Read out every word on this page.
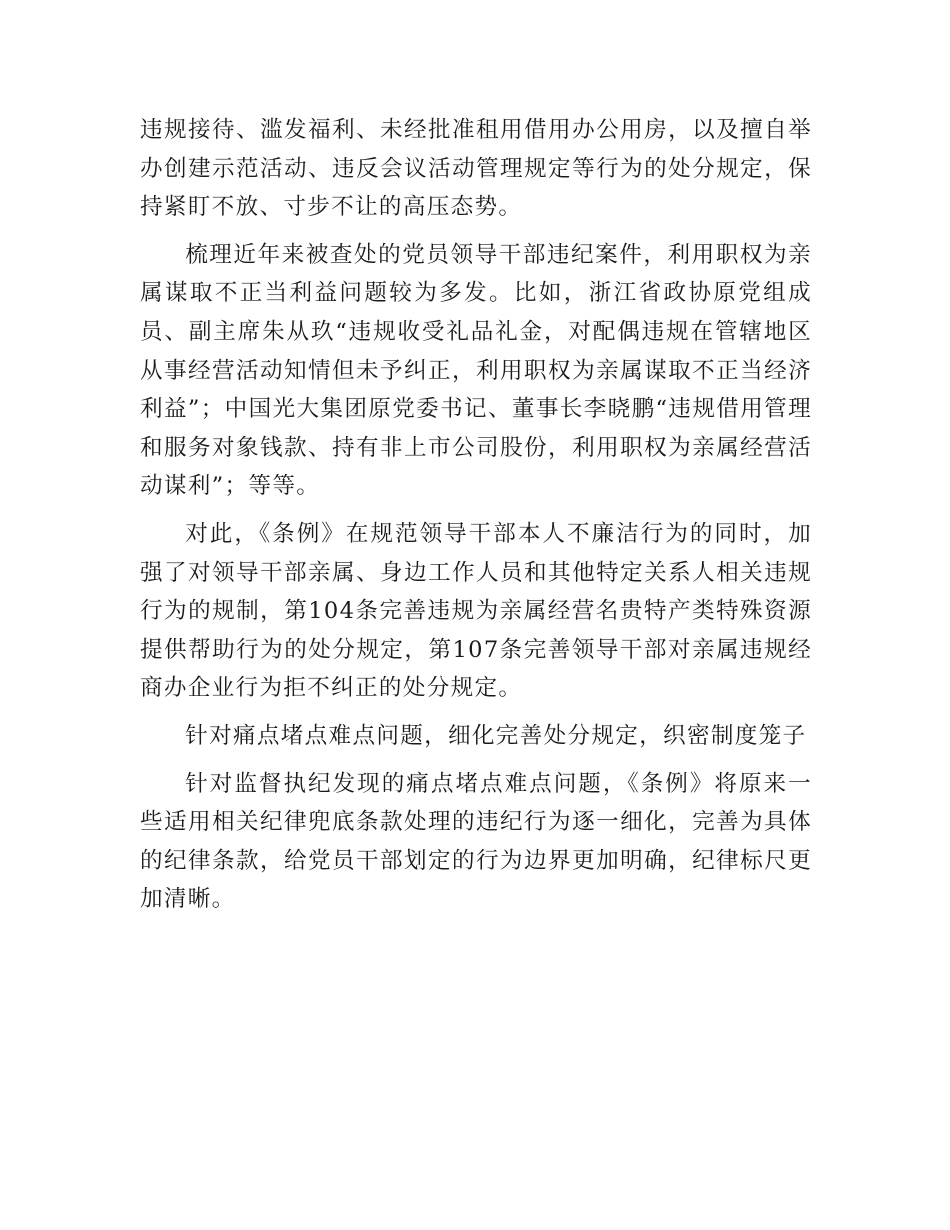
违规接待、滥发福利、未经批准租用借用办公用房，以及擅自举办创建示范活动、违反会议活动管理规定等行为的处分规定，保持紧盯不放、寸步不让的高压态势。

梳理近年来被查处的党员领导干部违纪案件，利用职权为亲属谋取不正当利益问题较为多发。比如，浙江省政协原党组成员、副主席朱从玖“违规收受礼品礼金，对配偶违规在管辖地区从事经营活动知情但未予纠正，利用职权为亲属谋取不正当经济利益”；中国光大集团原党委书记、董事长李晓鹏“违规借用管理和服务对象钱款、持有非上市公司股份，利用职权为亲属经营活动谋利”；等等。

对此，《条例》在规范领导干部本人不廉洁行为的同时，加强了对领导干部亲属、身边工作人员和其他特定关系人相关违规行为的规制，第104条完善违规为亲属经营名贵特产类特殊资源提供帮助行为的处分规定，第107条完善领导干部对亲属违规经商办企业行为拒不纠正的处分规定。

针对痛点堵点难点问题，细化完善处分规定，织密制度笼子

针对监督执纪发现的痛点堵点难点问题，《条例》将原来一些适用相关纪律兜底条款处理的违纪行为逐一细化，完善为具体的纪律条款，给党员干部划定的行为边界更加明确，纪律标尺更加清晰。
